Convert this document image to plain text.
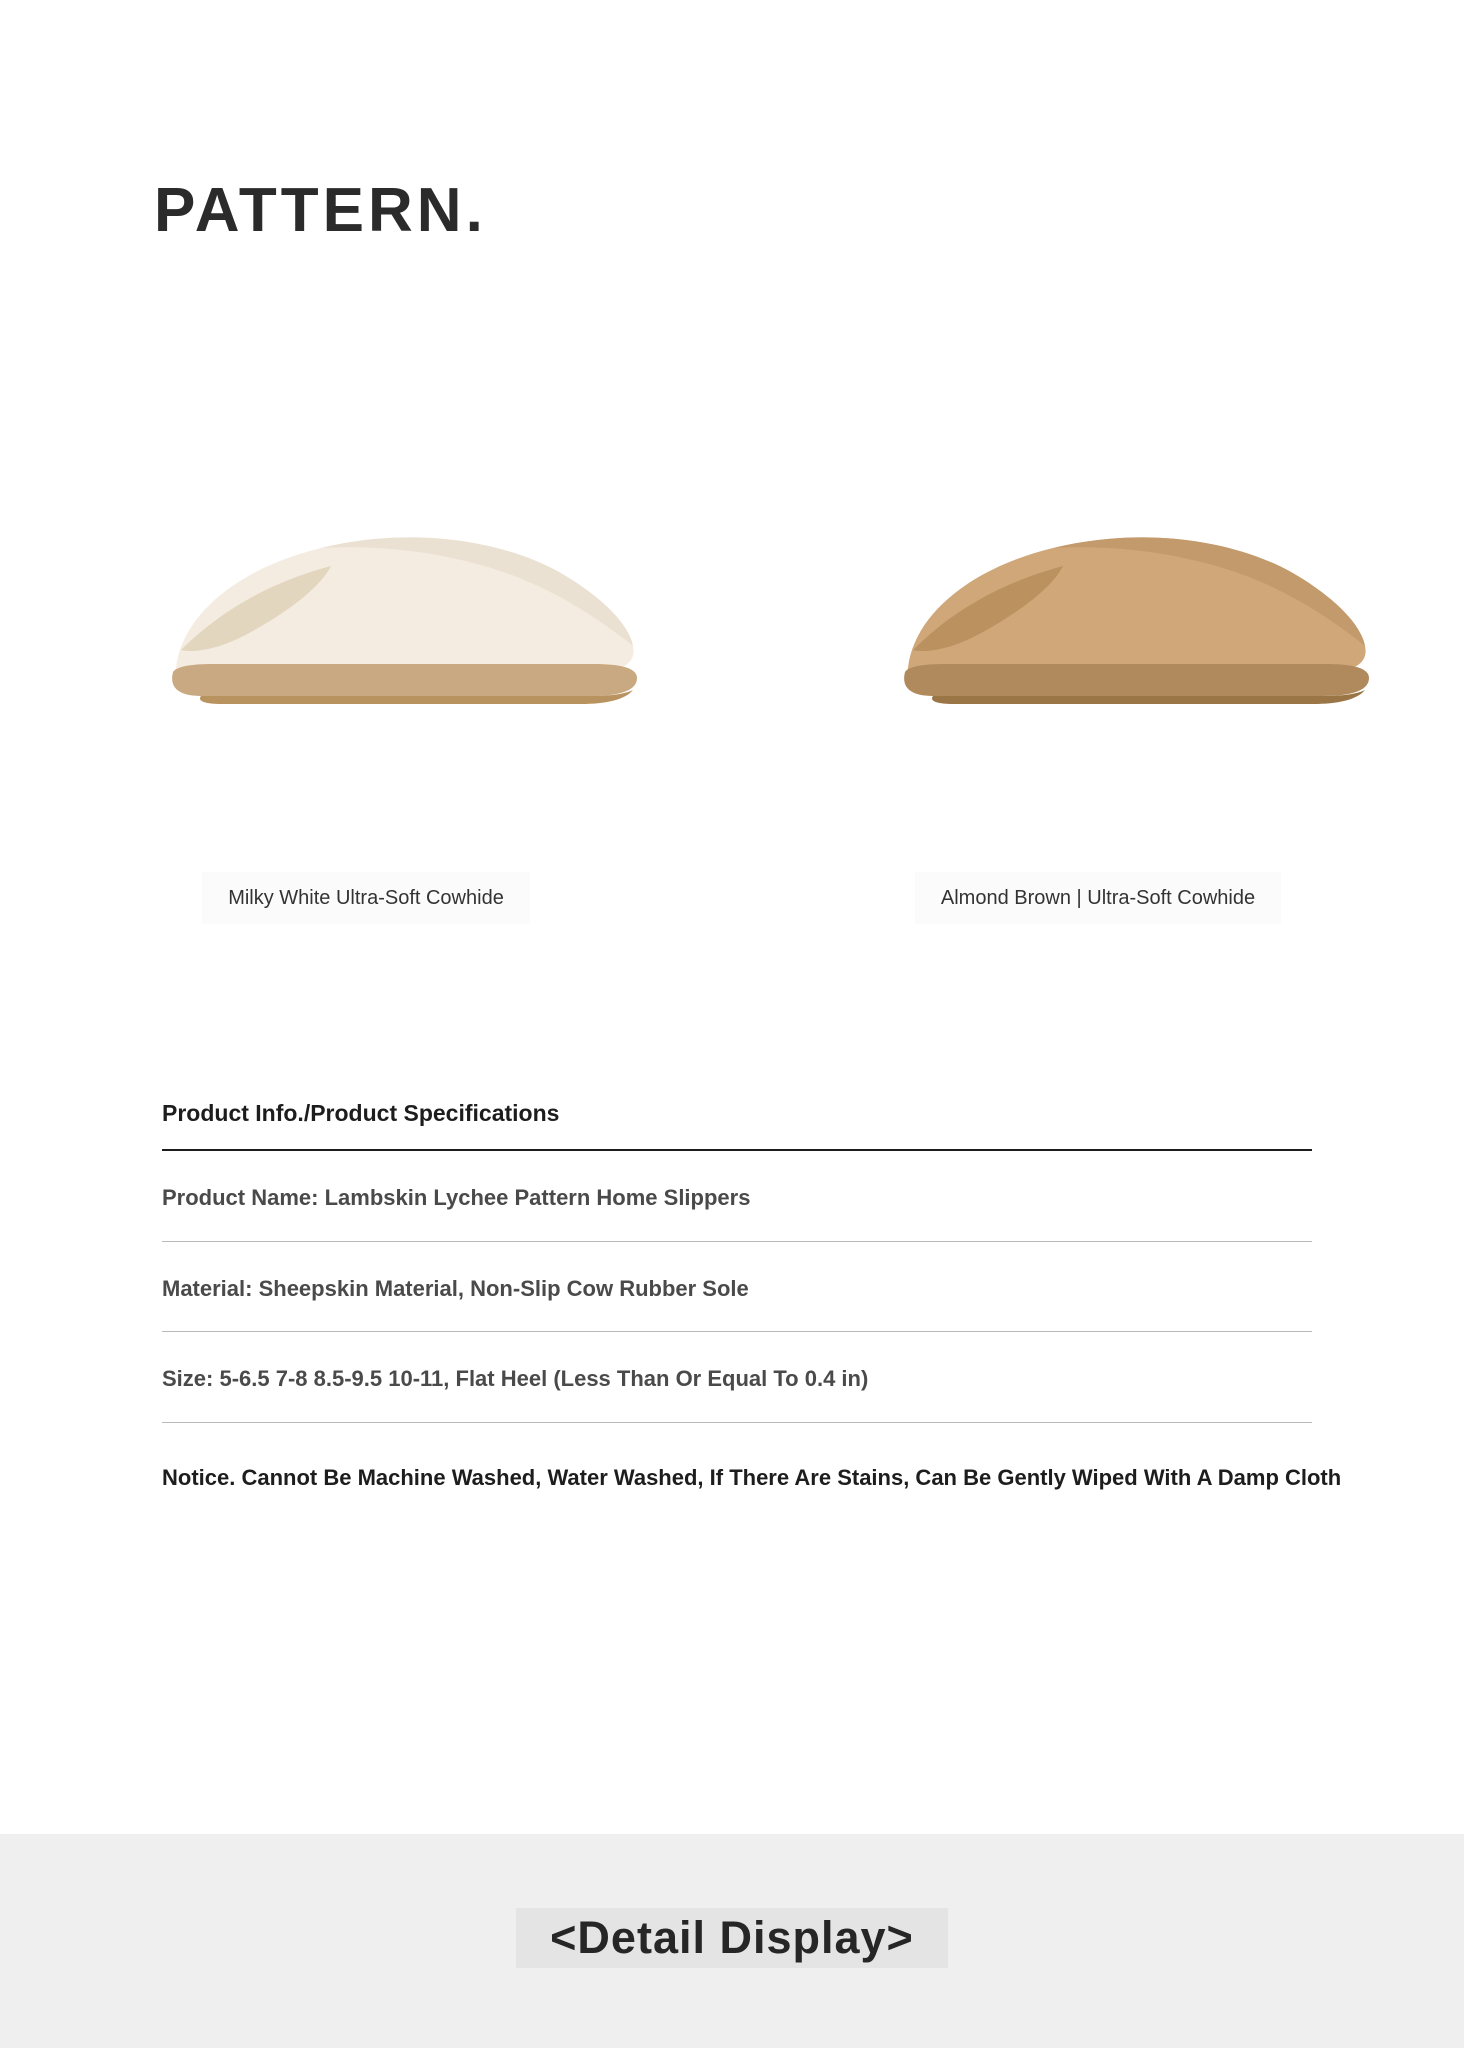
PATTERN.
Milky White Ultra-Soft Cowhide	Almond Brown | Ultra-Soft Cowhide
Product Info./Product Specifications
Product Name: Lambskin Lychee Pattern Home Slippers
Material: Sheepskin Material, Non-Slip Cow Rubber Sole
Size: 5-6.5 7-8 8.5-9.5 10-11, Flat Heel (Less Than Or Equal To 0.4 in)
Notice. Cannot Be Machine Washed, Water Washed, If There Are Stains, Can Be Gently Wiped With A Damp Cloth
<Detail Display>
